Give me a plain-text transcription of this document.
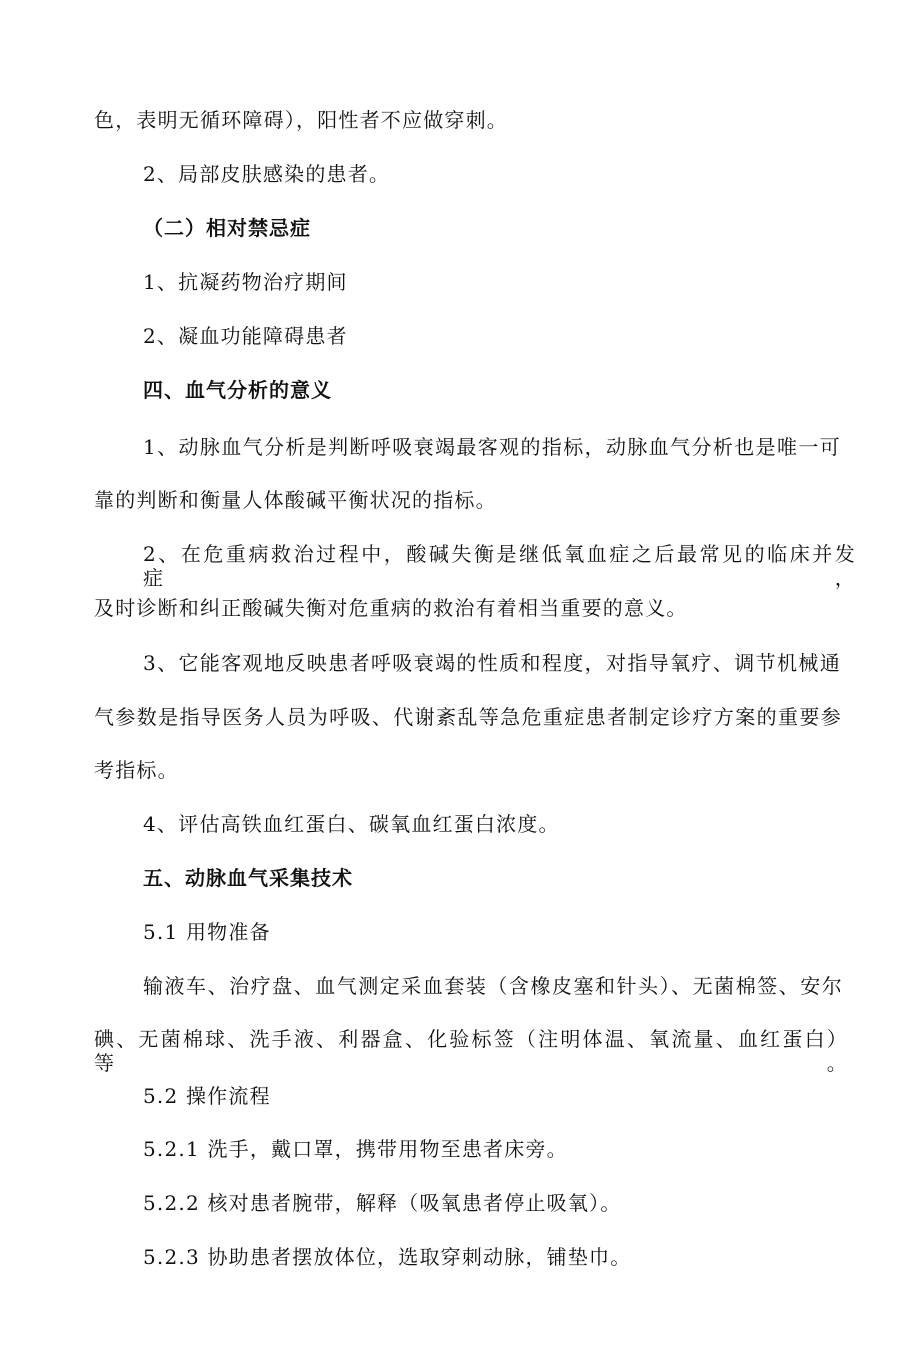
色，表明无循环障碍），阳性者不应做穿刺。
2、局部皮肤感染的患者。
（二）相对禁忌症
1、抗凝药物治疗期间
2、凝血功能障碍患者
四、血气分析的意义
1、动脉血气分析是判断呼吸衰竭最客观的指标，动脉血气分析也是唯一可
靠的判断和衡量人体酸碱平衡状况的指标。
2、在危重病救治过程中，酸碱失衡是继低氧血症之后最常见的临床并发症，
及时诊断和纠正酸碱失衡对危重病的救治有着相当重要的意义。
3、它能客观地反映患者呼吸衰竭的性质和程度，对指导氧疗、调节机械通
气参数是指导医务人员为呼吸、代谢紊乱等急危重症患者制定诊疗方案的重要参
考指标。
4、评估高铁血红蛋白、碳氧血红蛋白浓度。
五、动脉血气采集技术
5.1 用物准备
输液车、治疗盘、血气测定采血套装（含橡皮塞和针头）、无菌棉签、安尔
碘、无菌棉球、洗手液、利器盒、化验标签（注明体温、氧流量、血红蛋白）等。
5.2 操作流程
5.2.1 洗手，戴口罩，携带用物至患者床旁。
5.2.2 核对患者腕带，解释（吸氧患者停止吸氧）。
5.2.3 协助患者摆放体位，选取穿刺动脉，铺垫巾。
